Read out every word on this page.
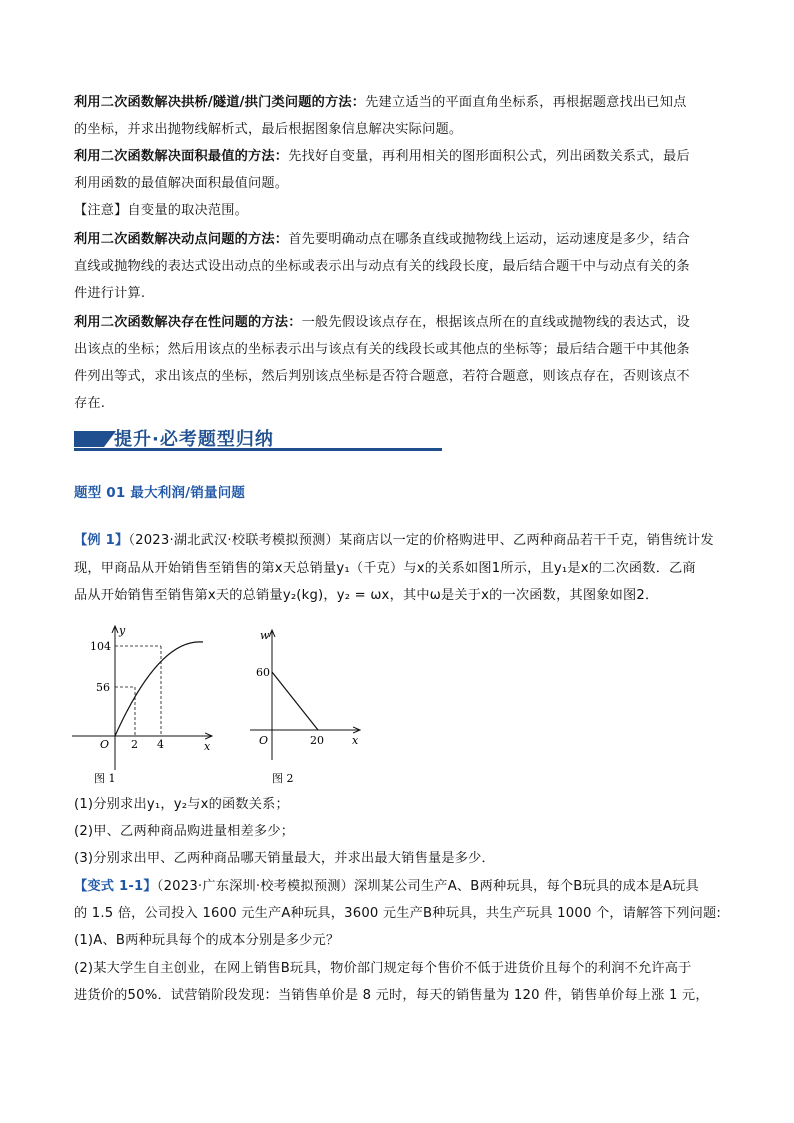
利用二次函数解决拱桥/隧道/拱门类问题的方法：先建立适当的平面直角坐标系，再根据题意找出已知点
的坐标，并求出抛物线解析式，最后根据图象信息解决实际问题。
利用二次函数解决面积最值的方法：先找好自变量，再利用相关的图形面积公式，列出函数关系式，最后
利用函数的最值解决面积最值问题。
【注意】自变量的取决范围。
利用二次函数解决动点问题的方法：首先要明确动点在哪条直线或抛物线上运动，运动速度是多少，结合
直线或抛物线的表达式设出动点的坐标或表示出与动点有关的线段长度，最后结合题干中与动点有关的条
件进行计算.
利用二次函数解决存在性问题的方法：一般先假设该点存在，根据该点所在的直线或抛物线的表达式，设
出该点的坐标；然后用该点的坐标表示出与该点有关的线段长或其他点的坐标等；最后结合题干中其他条
件列出等式，求出该点的坐标，然后判别该点坐标是否符合题意，若符合题意，则该点存在，否则该点不
存在.
提升·必考题型归纳
题型 01 最大利润/销量问题
【例 1】（2023·湖北武汉·校联考模拟预测）某商店以一定的价格购进甲、乙两种商品若干千克，销售统计发
现，甲商品从开始销售至销售的第x天总销量y₁（千克）与x的关系如图1所示，且y₁是x的二次函数．乙商
品从开始销售至销售第x天的总销量y₂(kg)，y₂ = ωx，其中ω是关于x的一次函数，其图象如图2．
y
x
O
104
56
2 4
图 1
w
x
O
60
20
图 2
(1)分别求出y₁，y₂与x的函数关系；
(2)甲、乙两种商品购进量相差多少；
(3)分别求出甲、乙两种商品哪天销量最大，并求出最大销售量是多少．
【变式 1-1】（2023·广东深圳·校考模拟预测）深圳某公司生产A、B两种玩具，每个B玩具的成本是A玩具
的 1.5 倍，公司投入 1600 元生产A种玩具，3600 元生产B种玩具，共生产玩具 1000 个，请解答下列问题:
(1)A、B两种玩具每个的成本分别是多少元？
(2)某大学生自主创业，在网上销售B玩具，物价部门规定每个售价不低于进货价且每个的利润不允许高于
进货价的50%．试营销阶段发现：当销售单价是 8 元时，每天的销售量为 120 件，销售单价每上涨 1 元，
